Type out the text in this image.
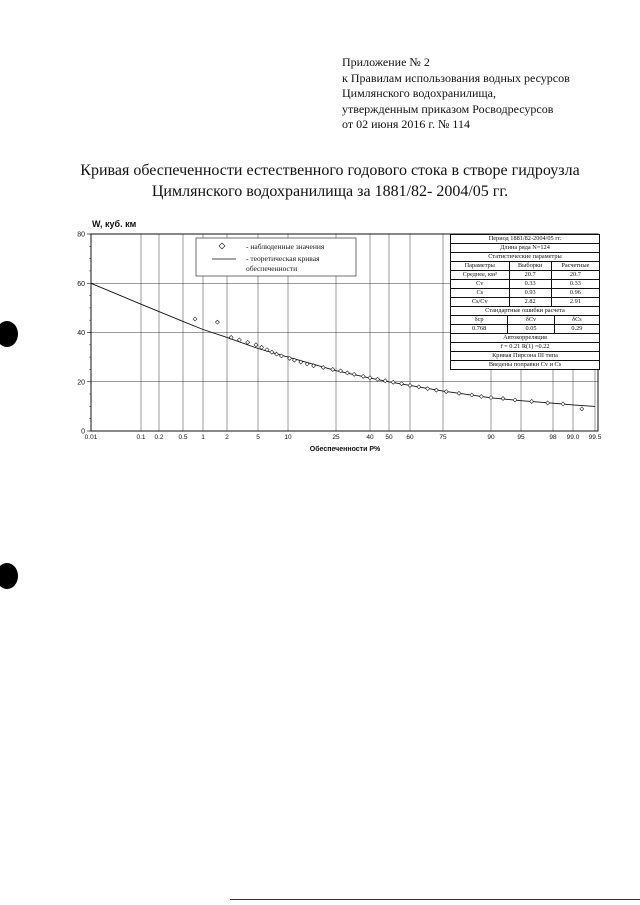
Приложение № 2
к Правилам использования водных ресурсов
Цимлянского водохранилища,
утвержденным приказом Росводресурсов
от 02 июня 2016 г. № 114
Кривая обеспеченности естественного годового стока в створе гидроузла
Цимлянского водохранилища за 1881/82- 2004/05 гг.
0.01	0.1 0.2 0.5 1	2	5	10	25	40 50 60	75	90	95	98 99.0 99.5
0
20
40
60
80
W, куб. км
Обеспеченности Р%
- наблюденные значения
- теоретическая кривая
обеспеченности
Период 1881/82-2004/05 гг.
Длина ряда N=124
Статистические параметры
Параметры	Выборки	Расчетные
Среднее, км³	20.7	20.7
Cv	0.33	0.33
Cs	0.93	0.96
Cs/Cv	2.82	2.91
Стандартные ошибки расчета
δср	δCv	δCs
0.768	0.05	0.29
Автокорреляция
r̄ = 0.21 R(1) =0.22
Кривая Пирсона III типа
Введены поправки Cv и Cs
